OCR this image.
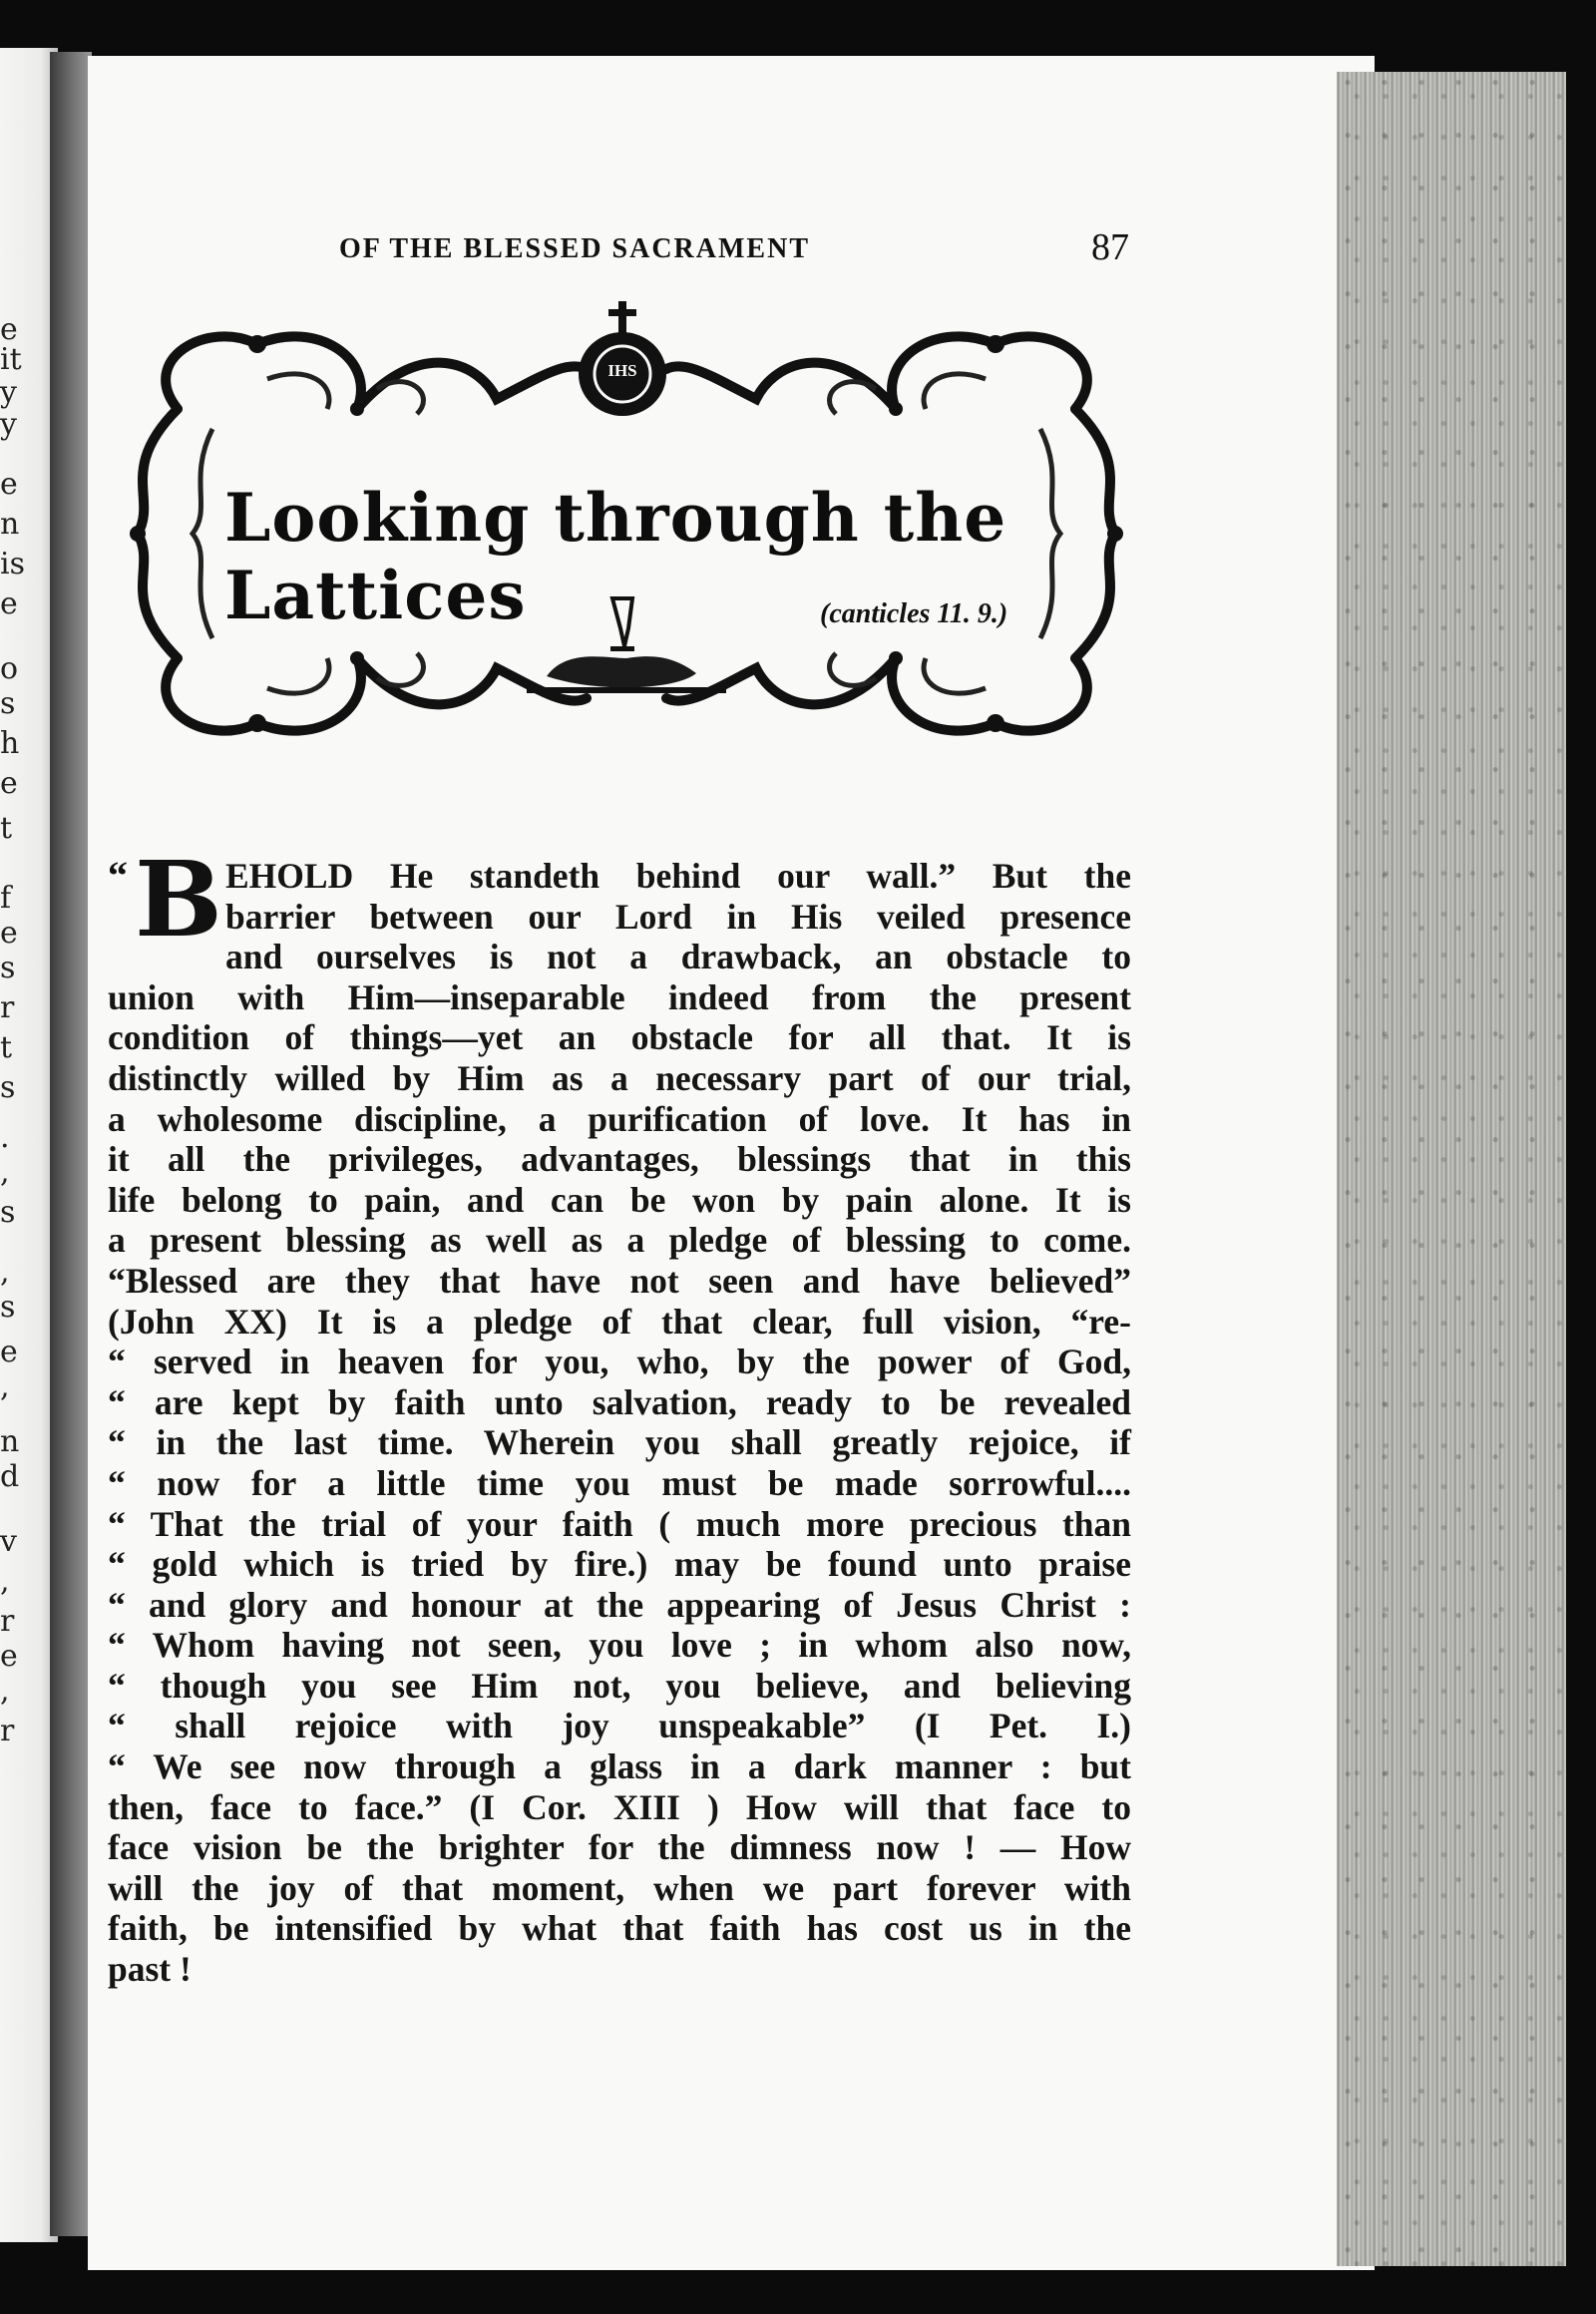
e
it
y
y
e
n
is
e
o
s
h
e
t
f
e
s
r
t
s
.
,
s
,
s
e
,
n
d
v
,
r
e
,
r
OF THE BLESSED SACRAMENT	87
IHS
Looking through the Lattices	(canticles 11. 9.)
“ B EHOLD He standeth behind our wall.” But the
barrier between our Lord in His veiled presence
and ourselves is not a drawback, an obstacle to
union with Him—inseparable indeed from the present
condition of things—yet an obstacle for all that. It is
distinctly willed by Him as a necessary part of our trial,
a wholesome discipline, a purification of love. It has in
it all the privileges, advantages, blessings that in this
life belong to pain, and can be won by pain alone. It is
a present blessing as well as a pledge of blessing to come.
“Blessed are they that have not seen and have believed”
(John XX) It is a pledge of that clear, full vision, “re-
“ served in heaven for you, who, by the power of God,
“ are kept by faith unto salvation, ready to be revealed
“ in the last time. Wherein you shall greatly rejoice, if
“ now for a little time you must be made sorrowful....
“ That the trial of your faith ( much more precious than
“ gold which is tried by fire.) may be found unto praise
“ and glory and honour at the appearing of Jesus Christ :
“ Whom having not seen, you love ; in whom also now,
“ though you see Him not, you believe, and believing
“ shall rejoice with joy unspeakable” (I Pet. I.)
“ We see now through a glass in a dark manner : but
then, face to face.” (I Cor. XIII ) How will that face to
face vision be the brighter for the dimness now ! — How
will the joy of that moment, when we part forever with
faith, be intensified by what that faith has cost us in the
past !
